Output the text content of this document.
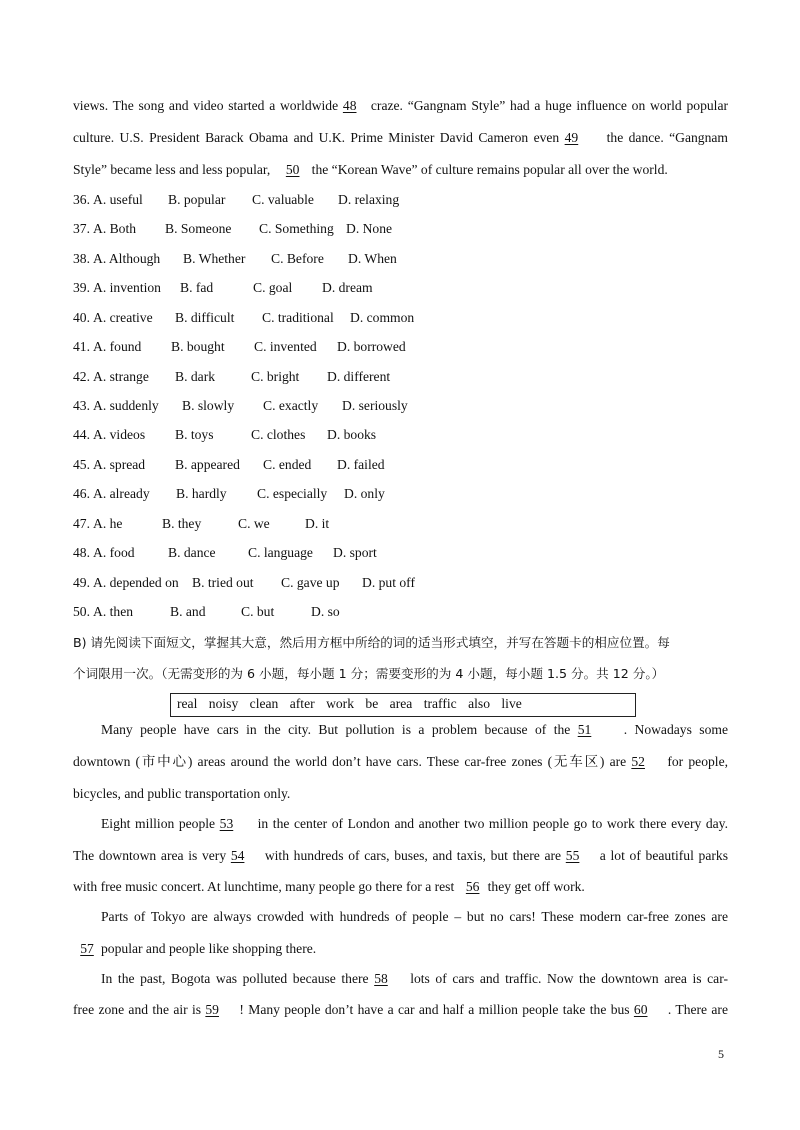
views. The song and video started a worldwide 48 craze. “Gangnam Style” had a huge influence on world popular
culture. U.S. President Barack Obama and U.K. Prime Minister David Cameron even 49 the dance. “Gangnam
Style” became less and less popular, 50 the “Korean Wave” of culture remains popular all over the world.
36. A. useful B. popular C. valuable D. relaxing
37. A. Both B. Someone C. Something D. None
38. A. Although B. Whether C. Before D. When
39. A. invention B. fad	C. goal D. dream
40. A. creative B. difficult C. traditional D. common
41. A. found B. bought C. invented D. borrowed
42. A. strange B. dark	C. bright D. different
43. A. suddenly B. slowly C. exactly D. seriously
44. A. videos B. toys	C. clothes D. books
45. A. spread B. appeared C. ended D. failed
46. A. already B. hardly C. especially D. only
47. A. he	B. they	C. we	D. it
48. A. food B. dance C. language D. sport
49. A. depended on B. tried out C. gave up D. put off
50. A. then	B. and	C. but	D. so
B) 请先阅读下面短文，掌握其大意，然后用方框中所给的词的适当形式填空，并写在答题卡的相应位置。每
个词限用一次。（无需变形的为 6 小题，每小题 1 分；需要变形的为 4 小题，每小题 1.5 分。共 12 分。）
real noisy clean after work be area traffic also live
Many people have cars in the city. But pollution is a problem because of the 51 . Nowadays some
downtown (市中心) areas around the world don’t have cars. These car-free zones (无车区) are 52 for people,
bicycles, and public transportation only.
Eight million people 53 in the center of London and another two million people go to work there every day.
The downtown area is very 54 with hundreds of cars, buses, and taxis, but there are 55 a lot of beautiful parks
with free music concert. At lunchtime, many people go there for a rest 56 they get off work.
Parts of Tokyo are always crowded with hundreds of people – but no cars! These modern car-free zones are
57 popular and people like shopping there.
In the past, Bogota was polluted because there 58 lots of cars and traffic. Now the downtown area is car-
free zone and the air is 59 ! Many people don’t have a car and half a million people take the bus 60 . There are
5
